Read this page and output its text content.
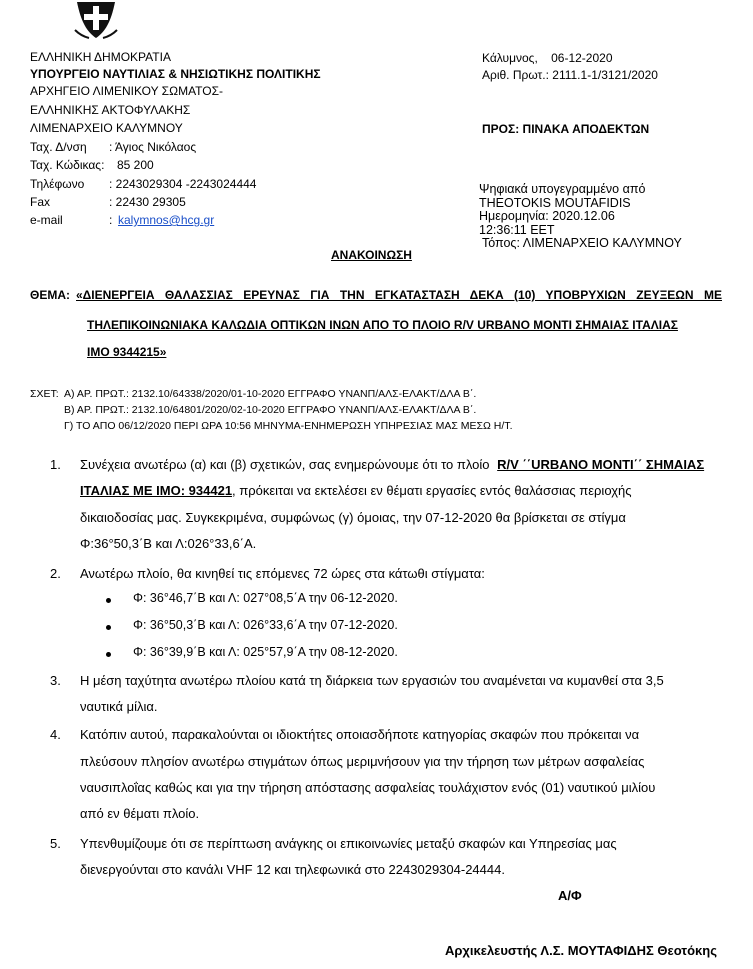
ΕΛΛΗΝΙΚΗ ΔΗΜΟΚΡΑΤΙΑ
ΥΠΟΥΡΓΕΙΟ ΝΑΥΤΙΛΙΑΣ & ΝΗΣΙΩΤΙΚΗΣ ΠΟΛΙΤΙΚΗΣ
ΑΡΧΗΓΕΙΟ ΛΙΜΕΝΙΚΟΥ ΣΩΜΑΤΟΣ-
ΕΛΛΗΝΙΚΗΣ ΑΚΤΟΦΥΛΑΚΗΣ
ΛΙΜΕΝΑΡΧΕΙΟ ΚΑΛΥΜΝΟΥ
Ταχ. Δ/νση : Άγιος Νικόλαος
Ταχ. Κώδικας: 85 200
Τηλέφωνο : 2243029304 -2243024444
Fax	: 22430 29305
e-mail	: kalymnos@hcg.gr
Κάλυμνος,    06-12-2020
Αριθ. Πρωτ.: 2111.1-1/3121/2020
ΠΡΟΣ: ΠΙΝΑΚΑ ΑΠΟΔΕΚΤΩΝ
Ψηφιακά υπογεγραμμένο από
THEOTOKIS MOUTAFIDIS
Ημερομηνία: 2020.12.06
12:36:11 EET
Τόπος: ΛΙΜΕΝΑΡΧΕΙΟ ΚΑΛΥΜΝΟΥ
ΑΝΑΚΟΙΝΩΣΗ
ΘΕΜΑ: «ΔΙΕΝΕΡΓΕΙΑ ΘΑΛΑΣΣΙΑΣ ΕΡΕΥΝΑΣ ΓΙΑ ΤΗΝ ΕΓΚΑΤΑΣΤΑΣΗ ΔΕΚΑ (10) ΥΠΟΒΡΥΧΙΩΝ ΖΕΥΞΕΩΝ ΜΕ
ΤΗΛΕΠΙΚΟΙΝΩΝΙΑΚΑ ΚΑΛΩΔΙΑ ΟΠΤΙΚΩΝ ΙΝΩΝ ΑΠΟ ΤΟ ΠΛΟΙΟ R/V URBANO ΜΟΝΤΙ ΣΗΜΑΙΑΣ ΙΤΑΛΙΑΣ
ΙΜΟ 9344215»
ΣΧΕΤ: Α) ΑΡ. ΠΡΩΤ.: 2132.10/64338/2020/01-10-2020 ΕΓΓΡΑΦΟ ΥΝΑΝΠ/ΑΛΣ-ΕΛΑΚΤ/ΔΛΑ Β΄.
Β) ΑΡ. ΠΡΩΤ.: 2132.10/64801/2020/02-10-2020 ΕΓΓΡΑΦΟ ΥΝΑΝΠ/ΑΛΣ-ΕΛΑΚΤ/ΔΛΑ Β΄.
Γ) ΤΟ ΑΠΟ 06/12/2020 ΠΕΡΙ ΩΡΑ 10:56 ΜΗΝΥΜΑ-ΕΝΗΜΕΡΩΣΗ ΥΠΗΡΕΣΙΑΣ ΜΑΣ ΜΕΣΩ Η/Τ.
1. Συνέχεια ανωτέρω (α) και (β) σχετικών, σας ενημερώνουμε ότι το πλοίο R/V ΄΄URBANO ΜΟΝΤΙ΄΄ ΣΗΜΑΙΑΣ
ΙΤΑΛΙΑΣ ΜΕ ΙΜΟ: 934421, πρόκειται να εκτελέσει εν θέματι εργασίες εντός θαλάσσιας περιοχής
δικαιοδοσίας μας. Συγκεκριμένα, συμφώνως (γ) όμοιας, την 07-12-2020 θα βρίσκεται σε στίγμα
Φ:36°50,3΄Β και Λ:026°33,6΄Α.
2. Ανωτέρω πλοίο, θα κινηθεί τις επόμενες 72 ώρες στα κάτωθι στίγματα:
Φ: 36°46,7΄Β και Λ: 027°08,5΄Α την 06-12-2020.
Φ: 36°50,3΄Β και Λ: 026°33,6΄Α την 07-12-2020.
Φ: 36°39,9΄Β και Λ: 025°57,9΄Α την 08-12-2020.
3. Η μέση ταχύτητα ανωτέρω πλοίου κατά τη διάρκεια των εργασιών του αναμένεται να κυμανθεί στα 3,5
ναυτικά μίλια.
4. Κατόπιν αυτού, παρακαλούνται οι ιδιοκτήτες οποιασδήποτε κατηγορίας σκαφών που πρόκειται να
πλεύσουν πλησίον ανωτέρω στιγμάτων όπως μεριμνήσουν για την τήρηση των μέτρων ασφαλείας
ναυσιπλοΐας καθώς και για την τήρηση απόστασης ασφαλείας τουλάχιστον ενός (01) ναυτικού μιλίου
από εν θέματι πλοίο.
5. Υπενθυμίζουμε ότι σε περίπτωση ανάγκης οι επικοινωνίες μεταξύ σκαφών και Υπηρεσίας μας
διενεργούνται στο κανάλι VHF 12 και τηλεφωνικά στο 2243029304-24444.
Α/Φ
Αρχικελευστής Λ.Σ. ΜΟΥΤΑΦΙΔΗΣ Θεοτόκης
